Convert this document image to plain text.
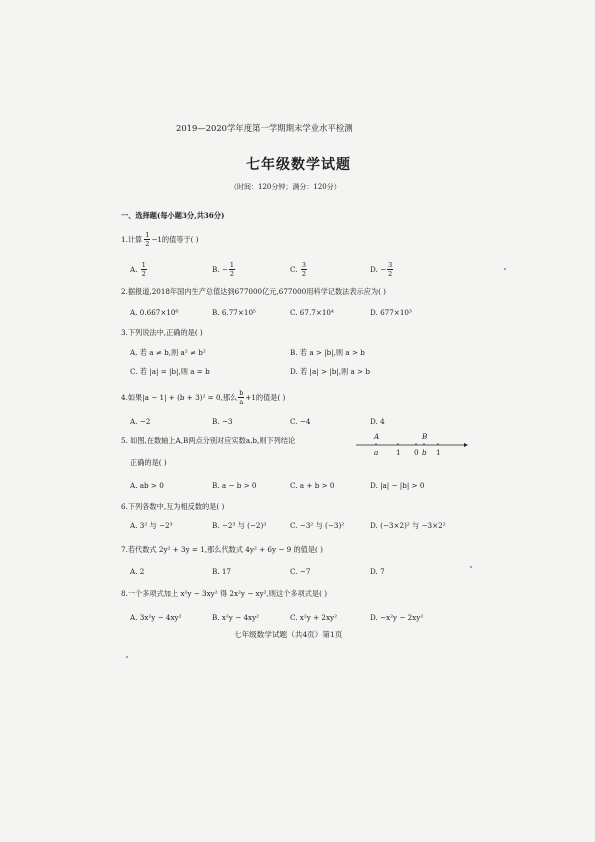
2019—2020学年度第一学期期末学业水平检测
七年级数学试题
（时间：120分钟；满分：120分）
一、选择题(每小题3分,共36分)
1.计算 $\frac{1}{2} -1$的值等于( )
A. $\frac{1}{2}$	B. − $\frac{1}{2}$	C. $\frac{3}{2}$	D. − $\frac{3}{2}$
2.据报道,2018年国内生产总值达到677000亿元,677000用科学记数法表示应为( )
A. 0.667×10⁶	B. 6.77×10⁵	C. 67.7×10⁴	D. 677×10³
3.下列说法中,正确的是( )
A. 若 a ≠ b,则 a² ≠ b²	B. 若 a > |b|,则 a > b
C. 若 |a| = |b|,则 a = b	D. 若 |a| > |b|,则 a > b
4.如果|a − 1| + (b + 3)² = 0,那么 $\frac{b}{a} +1$的值是( )
A. −2	B. −3	C. −4	D. 4
5. 如图,在数轴上A,B两点分别对应实数a,b,则下列结论
正确的是( )
A	B
a 1 0 b 1
A. ab > 0	B. a − b > 0	C. a + b > 0	D. |a| − |b| > 0
6.下列各数中,互为相反数的是( )
A. 3² 与 −2³	B. −2³ 与 (−2)³	C. −3² 与 (−3)²	D. (−3×2)² 与 −3×2²
7.若代数式 2y² + 3y = 1,那么代数式 4y² + 6y − 9 的值是( )
A. 2	B. 17	C. −7	D. 7
8.一个多项式加上 x²y − 3xy² 得 2x²y − xy²,则这个多项式是( )
A. 3x²y − 4xy²	B. x²y − 4xy²	C. x²y + 2xy²	D. −x²y − 2xy²
七年级数学试题（共4页）第1页
